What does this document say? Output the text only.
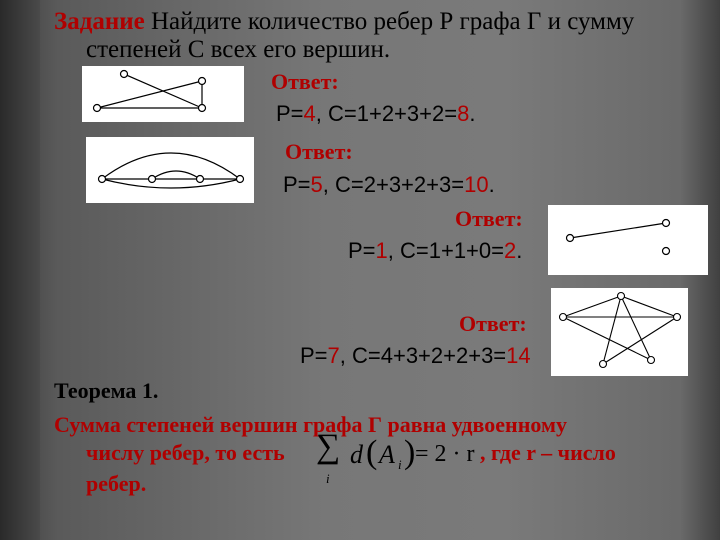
Задание Найдите количество ребер Р графа Г и сумму
степеней С всех его вершин.
Ответ:
Р=4, С=1+2+3+2=8.
Ответ:
Р=5, С=2+3+2+3=10.
Ответ:
Р=1, С=1+1+0=2.
Ответ:
Р=7, С=4+3+2+2+3=14
Теорема 1.
Сумма степеней вершин графа Г равна удвоенному
числу ребер, то есть	, где r – число
ребер.
∑
i
d ( A i ) = 2 · r
